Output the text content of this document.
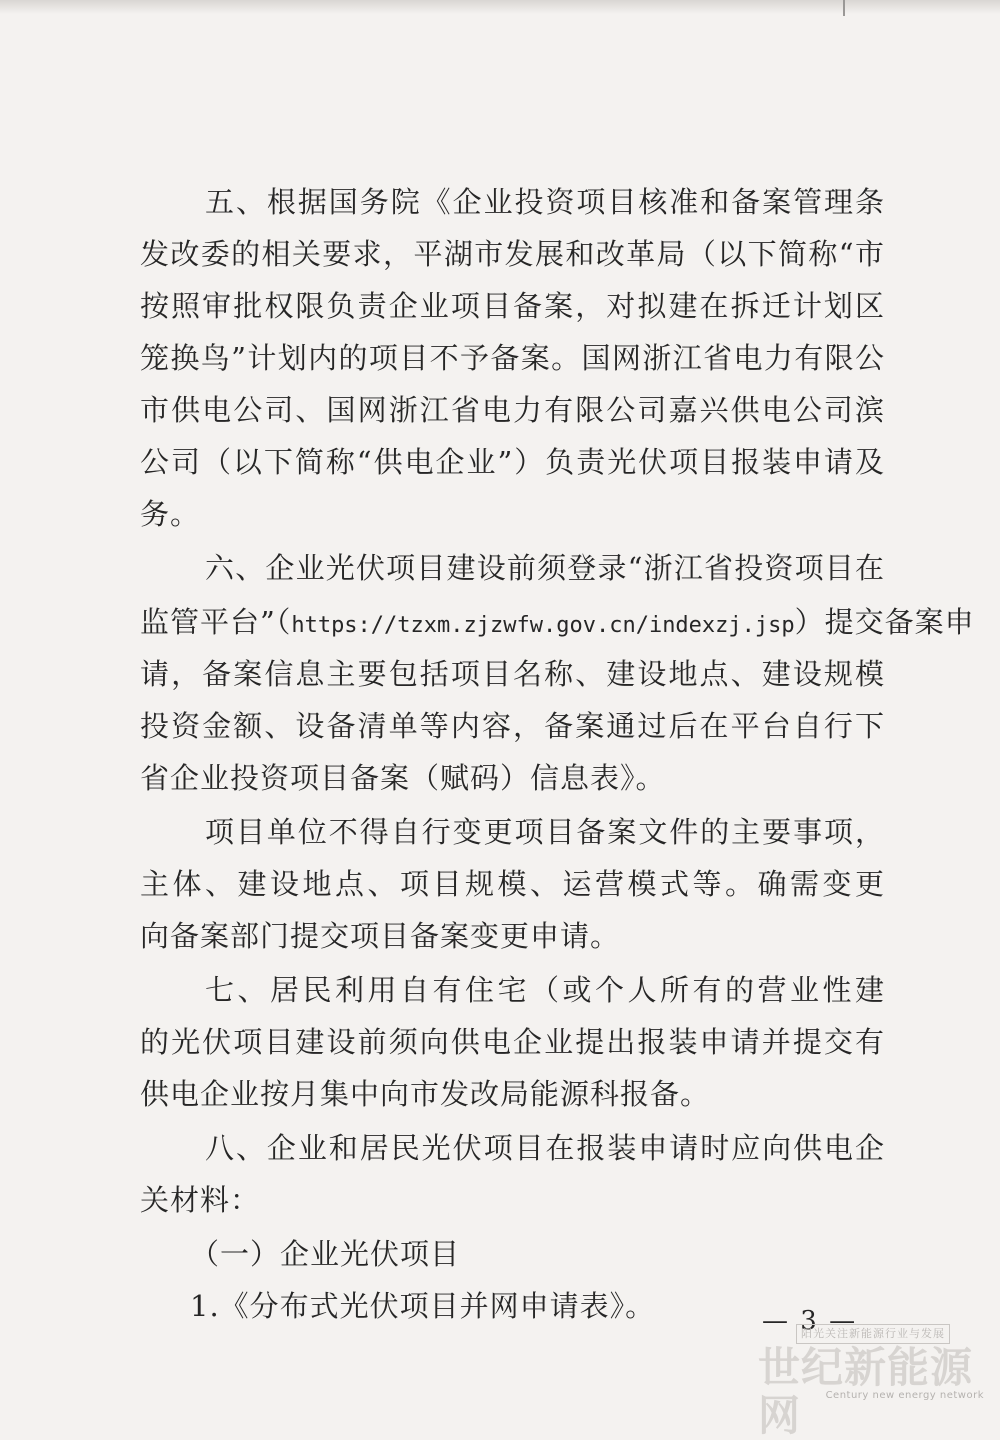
五、根据国务院《企业投资项目核准和备案管理条
发改委的相关要求，平湖市发展和改革局（以下简称“市
按照审批权限负责企业项目备案，对拟建在拆迁计划区
笼换鸟”计划内的项目不予备案。国网浙江省电力有限公
市供电公司、国网浙江省电力有限公司嘉兴供电公司滨
公司（以下简称“供电企业”）负责光伏项目报装申请及
务。
六、企业光伏项目建设前须登录“浙江省投资项目在
监管平台”（https://tzxm.zjzwfw.gov.cn/indexzj.jsp）提交备案申
请，备案信息主要包括项目名称、建设地点、建设规模
投资金额、设备清单等内容，备案通过后在平台自行下
省企业投资项目备案（赋码）信息表》。
项目单位不得自行变更项目备案文件的主要事项，
主体、建设地点、项目规模、运营模式等。确需变更
向备案部门提交项目备案变更申请。
七、居民利用自有住宅（或个人所有的营业性建
的光伏项目建设前须向供电企业提出报装申请并提交有
供电企业按月集中向市发改局能源科报备。
八、企业和居民光伏项目在报装申请时应向供电企
关材料：
（一）企业光伏项目
1.《分布式光伏项目并网申请表》。	— 3 —
阳光关注新能源行业与发展
世纪新能源网	Century new energy network
